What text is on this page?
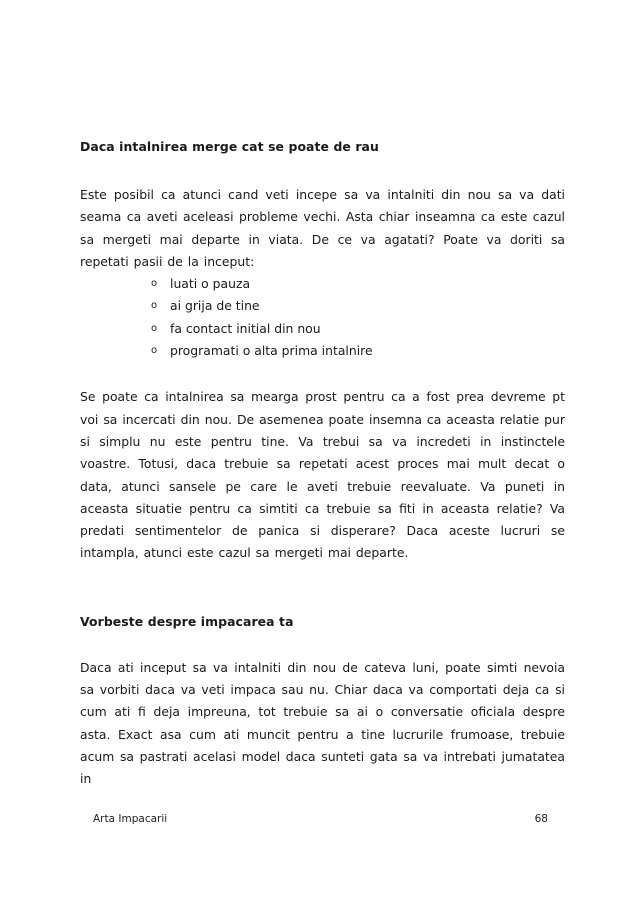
Daca intalnirea merge cat se poate de rau

Este posibil ca atunci cand veti incepe sa va intalniti din nou sa va dati seama ca aveti aceleasi probleme vechi. Asta chiar inseamna ca este cazul sa mergeti mai departe in viata. De ce va agatati? Poate va doriti sa repetati pasii de la inceput:

o luati o pauza
o ai grija de tine
o fa contact initial din nou
o programati o alta prima intalnire

Se poate ca intalnirea sa mearga prost pentru ca a fost prea devreme pt voi sa incercati din nou. De asemenea poate insemna ca aceasta relatie pur si simplu nu este pentru tine. Va trebui sa va incredeti in instinctele voastre. Totusi, daca trebuie sa repetati acest proces mai mult decat o data, atunci sansele pe care le aveti trebuie reevaluate. Va puneti in aceasta situatie pentru ca simtiti ca trebuie sa fiti in aceasta relatie? Va predati sentimentelor de panica si disperare? Daca aceste lucruri se intampla, atunci este cazul sa mergeti mai departe.

Vorbeste despre impacarea ta

Daca ati inceput sa va intalniti din nou de cateva luni, poate simti nevoia sa vorbiti daca va veti impaca sau nu. Chiar daca va comportati deja ca si cum ati fi deja impreuna, tot trebuie sa ai o conversatie oficiala despre asta. Exact asa cum ati muncit pentru a tine lucrurile frumoase, trebuie acum sa pastrati acelasi model daca sunteti gata sa va intrebati jumatatea in

Arta Impacarii	68
